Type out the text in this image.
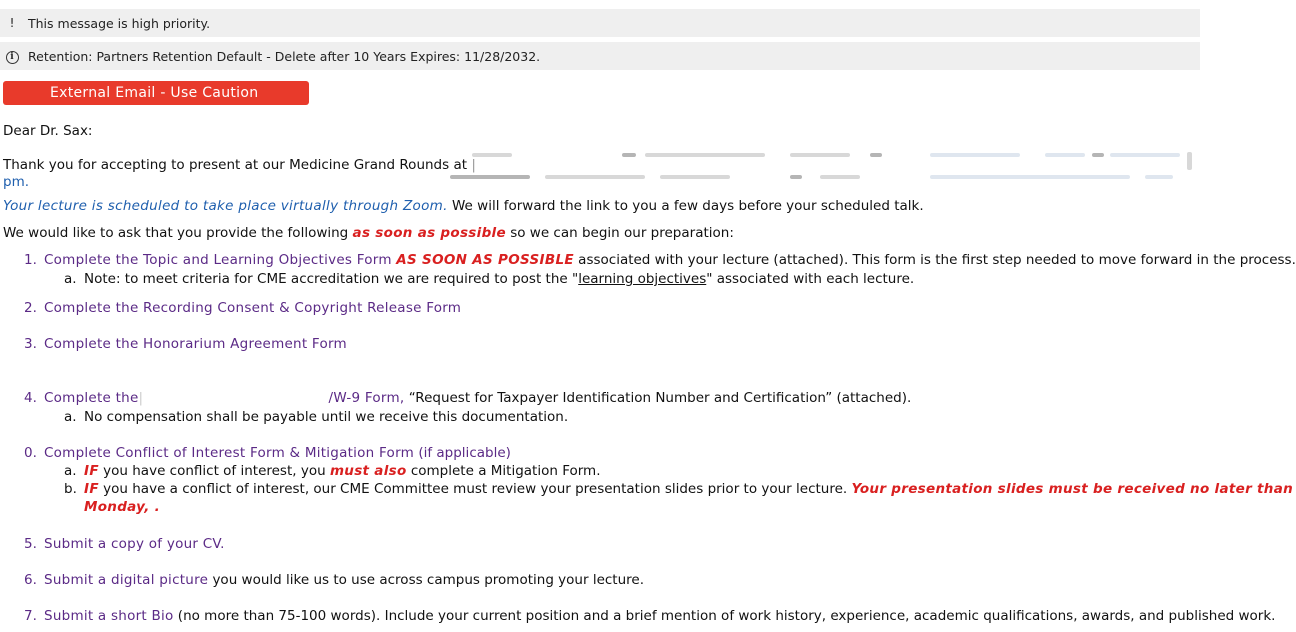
!	This message is high priority.
i	Retention: Partners Retention Default - Delete after 10 Years Expires: 11/28/2032.
External Email - Use Caution
Dear Dr. Sax:
Thank you for accepting to present at our Medicine Grand Rounds at |
pm.
Your lecture is scheduled to take place virtually through Zoom. We will forward the link to you a few days before your scheduled talk.
We would like to ask that you provide the following as soon as possible so we can begin our preparation:
1. Complete the Topic and Learning Objectives Form AS SOON AS POSSIBLE associated with your lecture (attached). This form is the first step needed to move forward in the process.
a. Note: to meet criteria for CME accreditation we are required to post the "learning objectives" associated with each lecture.
2. Complete the Recording Consent & Copyright Release Form
3. Complete the Honorarium Agreement Form
4. Complete the|	/W-9 Form, “Request for Taxpayer Identification Number and Certification” (attached).
a. No compensation shall be payable until we receive this documentation.
0. Complete Conflict of Interest Form & Mitigation Form (if applicable)
a. IF you have conflict of interest, you must also complete a Mitigation Form.
b. IF you have a conflict of interest, our CME Committee must review your presentation slides prior to your lecture. Your presentation slides must be received no later than
Monday, .
5. Submit a copy of your CV.
6. Submit a digital picture you would like us to use across campus promoting your lecture.
7. Submit a short Bio (no more than 75-100 words). Include your current position and a brief mention of work history, experience, academic qualifications, awards, and published work.
